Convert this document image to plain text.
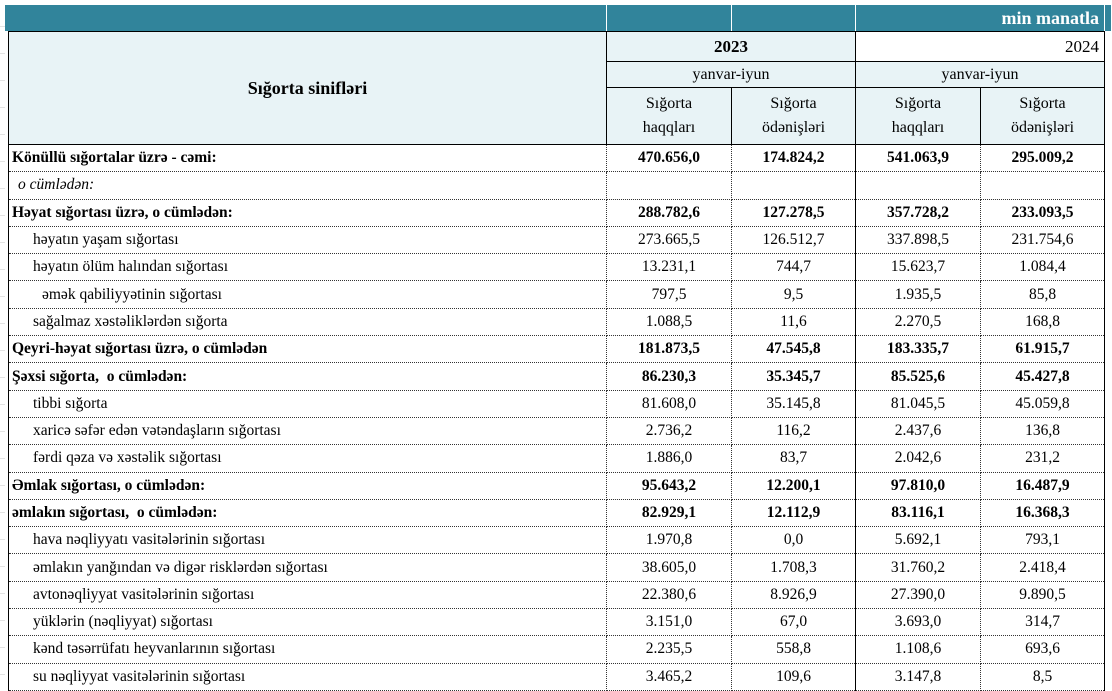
min manatla
Sığorta sinifləri	2023		2024	
	yanvar-iyun		yanvar-iyun	

	Sığorta haqqları	Sığorta ödənişləri	Sığorta haqqları	Sığorta ödənişləri

Könüllü sığortalar üzrə - cəmi:	470.656,0	174.824,2	541.063,9	295.009,2
o cümlədən:				
Həyat sığortası üzrə, o cümlədən:	288.782,6	127.278,5	357.728,2	233.093,5
həyatın yaşam sığortası	273.665,5	126.512,7	337.898,5	231.754,6
həyatın ölüm halından sığortası	13.231,1	744,7	15.623,7	1.084,4
əmək qabiliyyətinin sığortası	797,5	9,5	1.935,5	85,8
sağalmaz xəstəliklərdən sığorta	1.088,5	11,6	2.270,5	168,8
Qeyri-həyat sığortası üzrə, o cümlədən	181.873,5	47.545,8	183.335,7	61.915,7
Şəxsi sığorta,  o cümlədən:	86.230,3	35.345,7	85.525,6	45.427,8
tibbi sığorta	81.608,0	35.145,8	81.045,5	45.059,8
xaricə səfər edən vətəndaşların sığortası	2.736,2	116,2	2.437,6	136,8
fərdi qəza və xəstəlik sığortası	1.886,0	83,7	2.042,6	231,2
Əmlak sığortası, o cümlədən:	95.643,2	12.200,1	97.810,0	16.487,9
əmlakın sığortası,  o cümlədən:	82.929,1	12.112,9	83.116,1	16.368,3
hava nəqliyyatı vasitələrinin sığortası	1.970,8	0,0	5.692,1	793,1
əmlakın yanğından və digər risklərdən sığortası	38.605,0	1.708,3	31.760,2	2.418,4
avtonəqliyyat vasitələrinin sığortası	22.380,6	8.926,9	27.390,0	9.890,5
yüklərin (nəqliyyat) sığortası	3.151,0	67,0	3.693,0	314,7
kənd təsərrüfatı heyvanlarının sığortası	2.235,5	558,8	1.108,6	693,6
su nəqliyyat vasitələrinin sığortası	3.465,2	109,6	3.147,8	8,5
